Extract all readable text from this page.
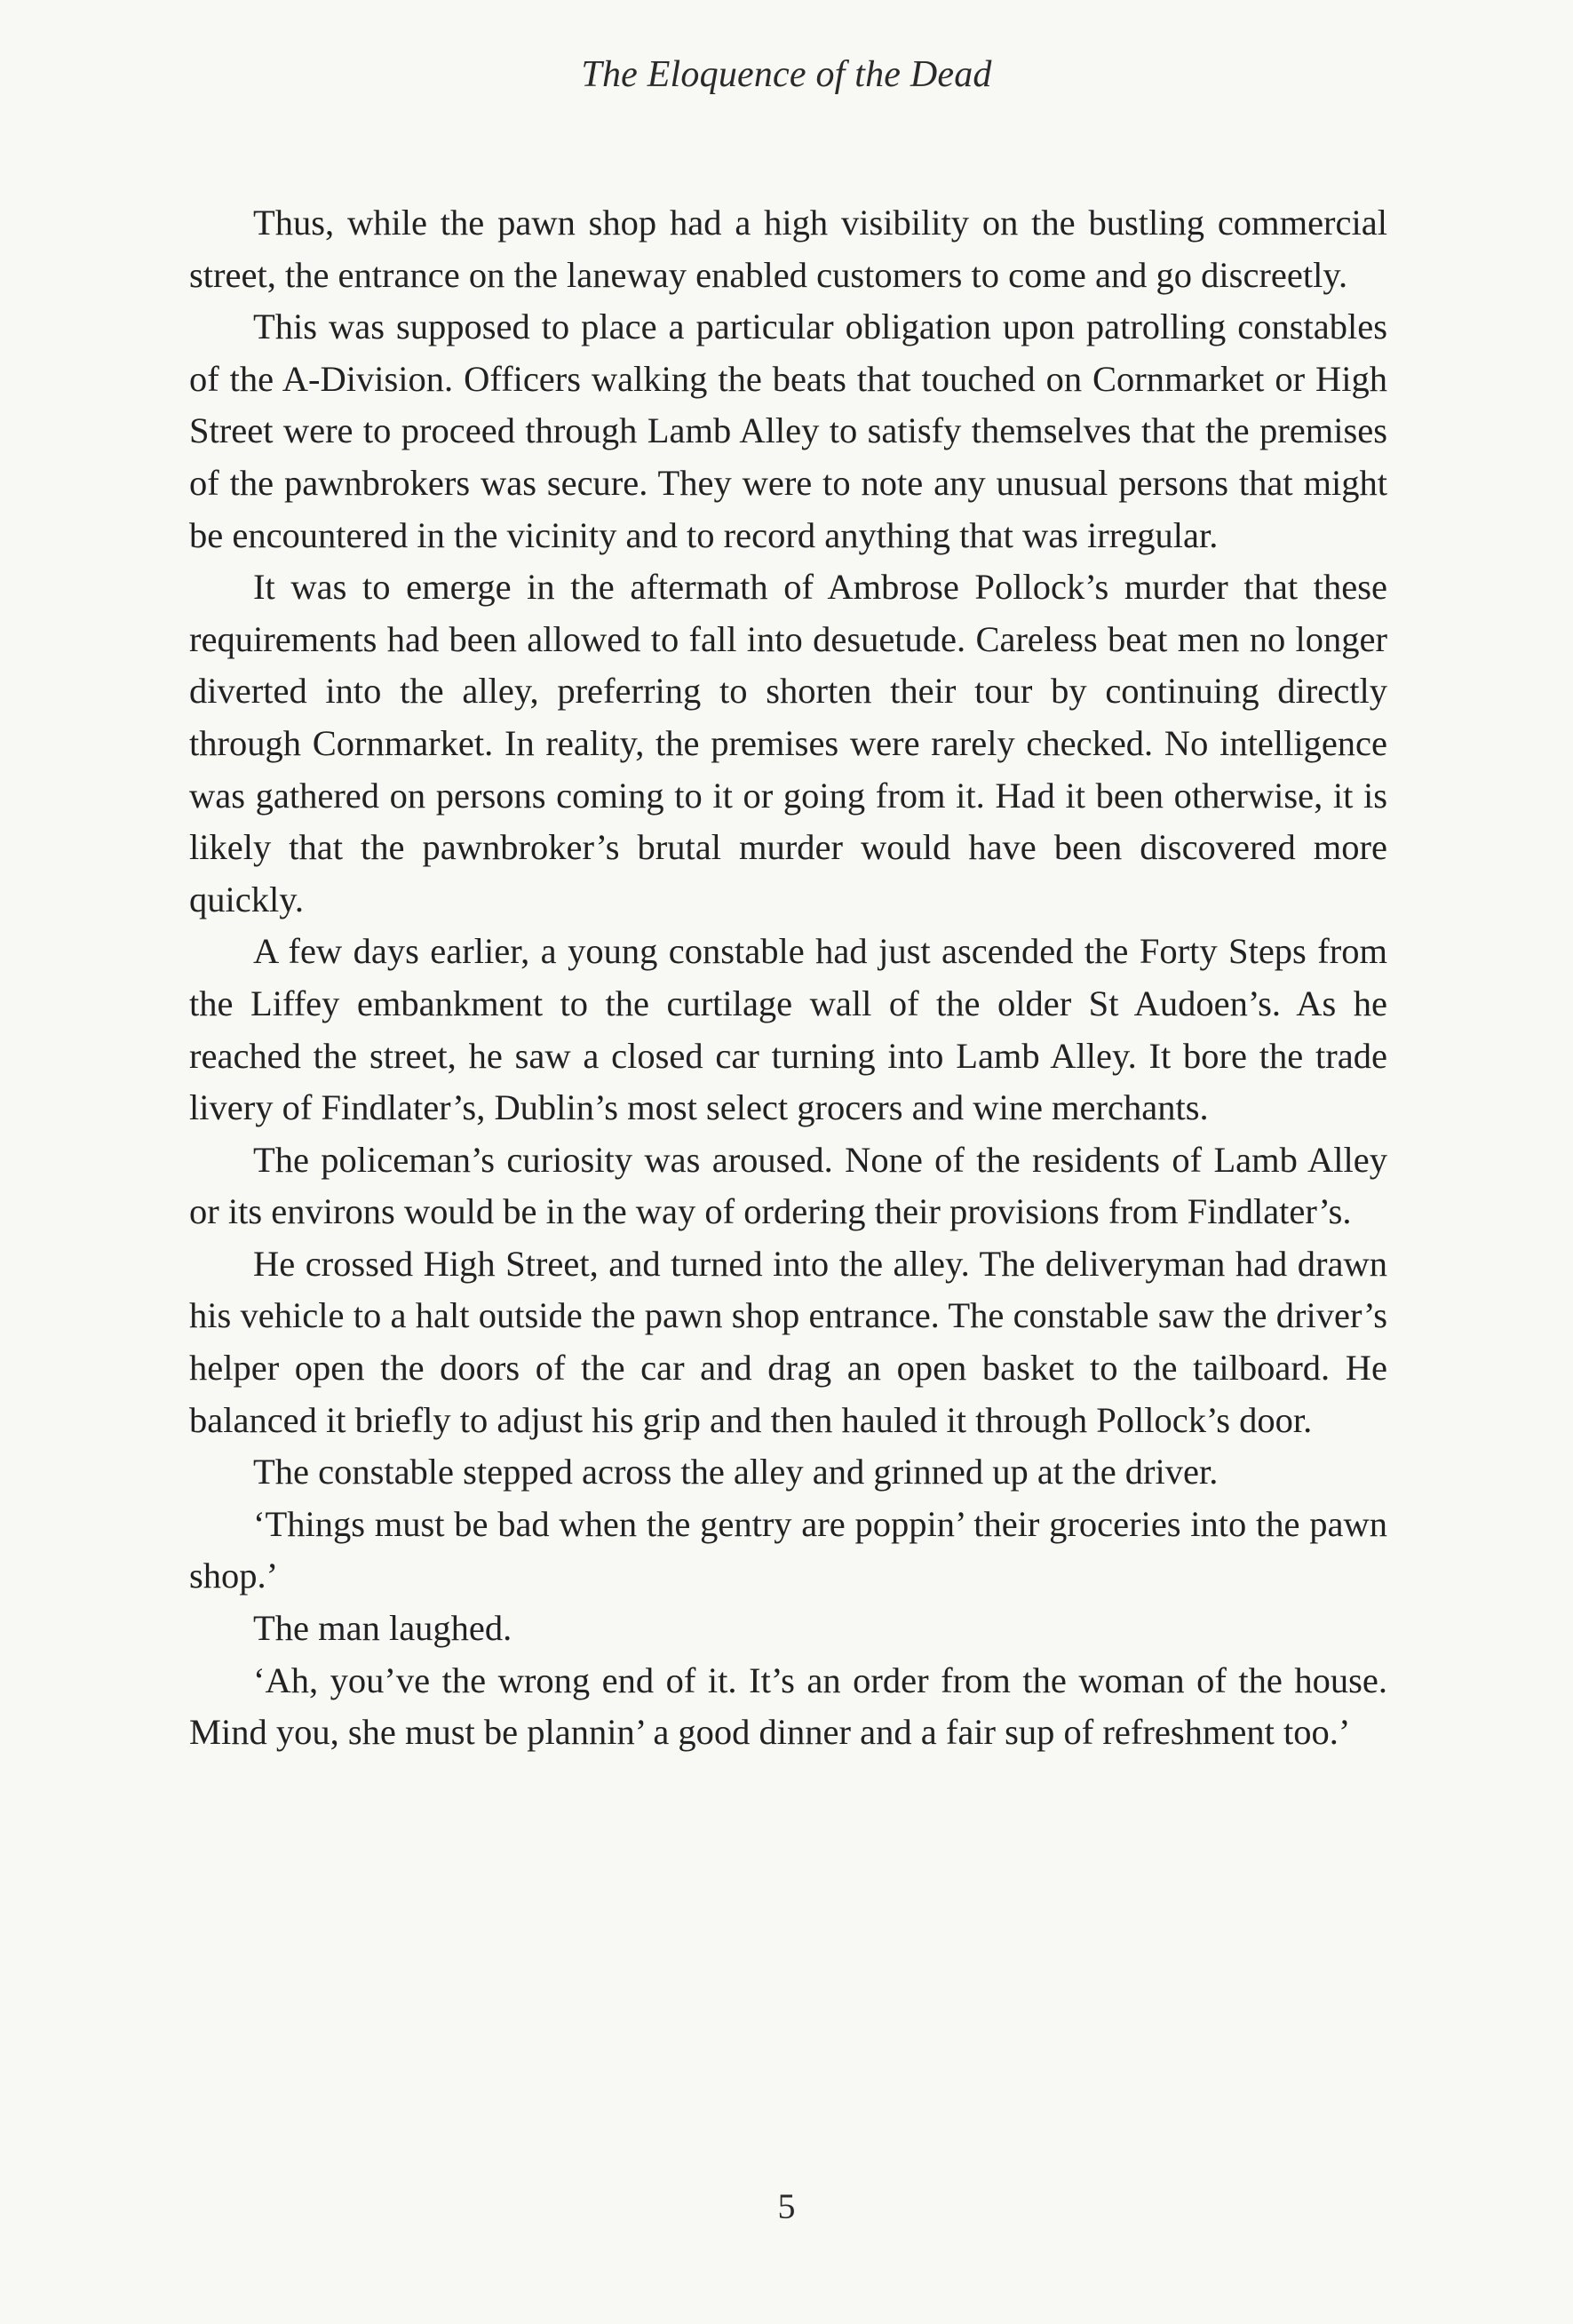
The Eloquence of the Dead

Thus, while the pawn shop had a high visibility on the bustling commercial street, the entrance on the laneway enabled customers to come and go discreetly.

This was supposed to place a particular obligation upon patrolling constables of the A-Division. Officers walking the beats that touched on Cornmarket or High Street were to proceed through Lamb Alley to satisfy themselves that the premises of the pawnbrokers was secure. They were to note any unusual persons that might be encountered in the vicinity and to record anything that was irregular.

It was to emerge in the aftermath of Ambrose Pollock’s murder that these requirements had been allowed to fall into desuetude. Careless beat men no longer diverted into the alley, preferring to shorten their tour by continuing directly through Cornmarket. In reality, the premises were rarely checked. No intelligence was gathered on persons coming to it or going from it. Had it been otherwise, it is likely that the pawnbroker’s brutal murder would have been discovered more quickly.

A few days earlier, a young constable had just ascended the Forty Steps from the Liffey embankment to the curtilage wall of the older St Audoen’s. As he reached the street, he saw a closed car turning into Lamb Alley. It bore the trade livery of Findlater’s, Dublin’s most select grocers and wine merchants.

The policeman’s curiosity was aroused. None of the residents of Lamb Alley or its environs would be in the way of ordering their provisions from Findlater’s.

He crossed High Street, and turned into the alley. The deliveryman had drawn his vehicle to a halt outside the pawn shop entrance. The constable saw the driver’s helper open the doors of the car and drag an open basket to the tailboard. He balanced it briefly to adjust his grip and then hauled it through Pollock’s door.

The constable stepped across the alley and grinned up at the driver.

‘Things must be bad when the gentry are poppin’ their groceries into the pawn shop.’

The man laughed.

‘Ah, you’ve the wrong end of it. It’s an order from the woman of the house. Mind you, she must be plannin’ a good dinner and a fair sup of refreshment too.’

5
